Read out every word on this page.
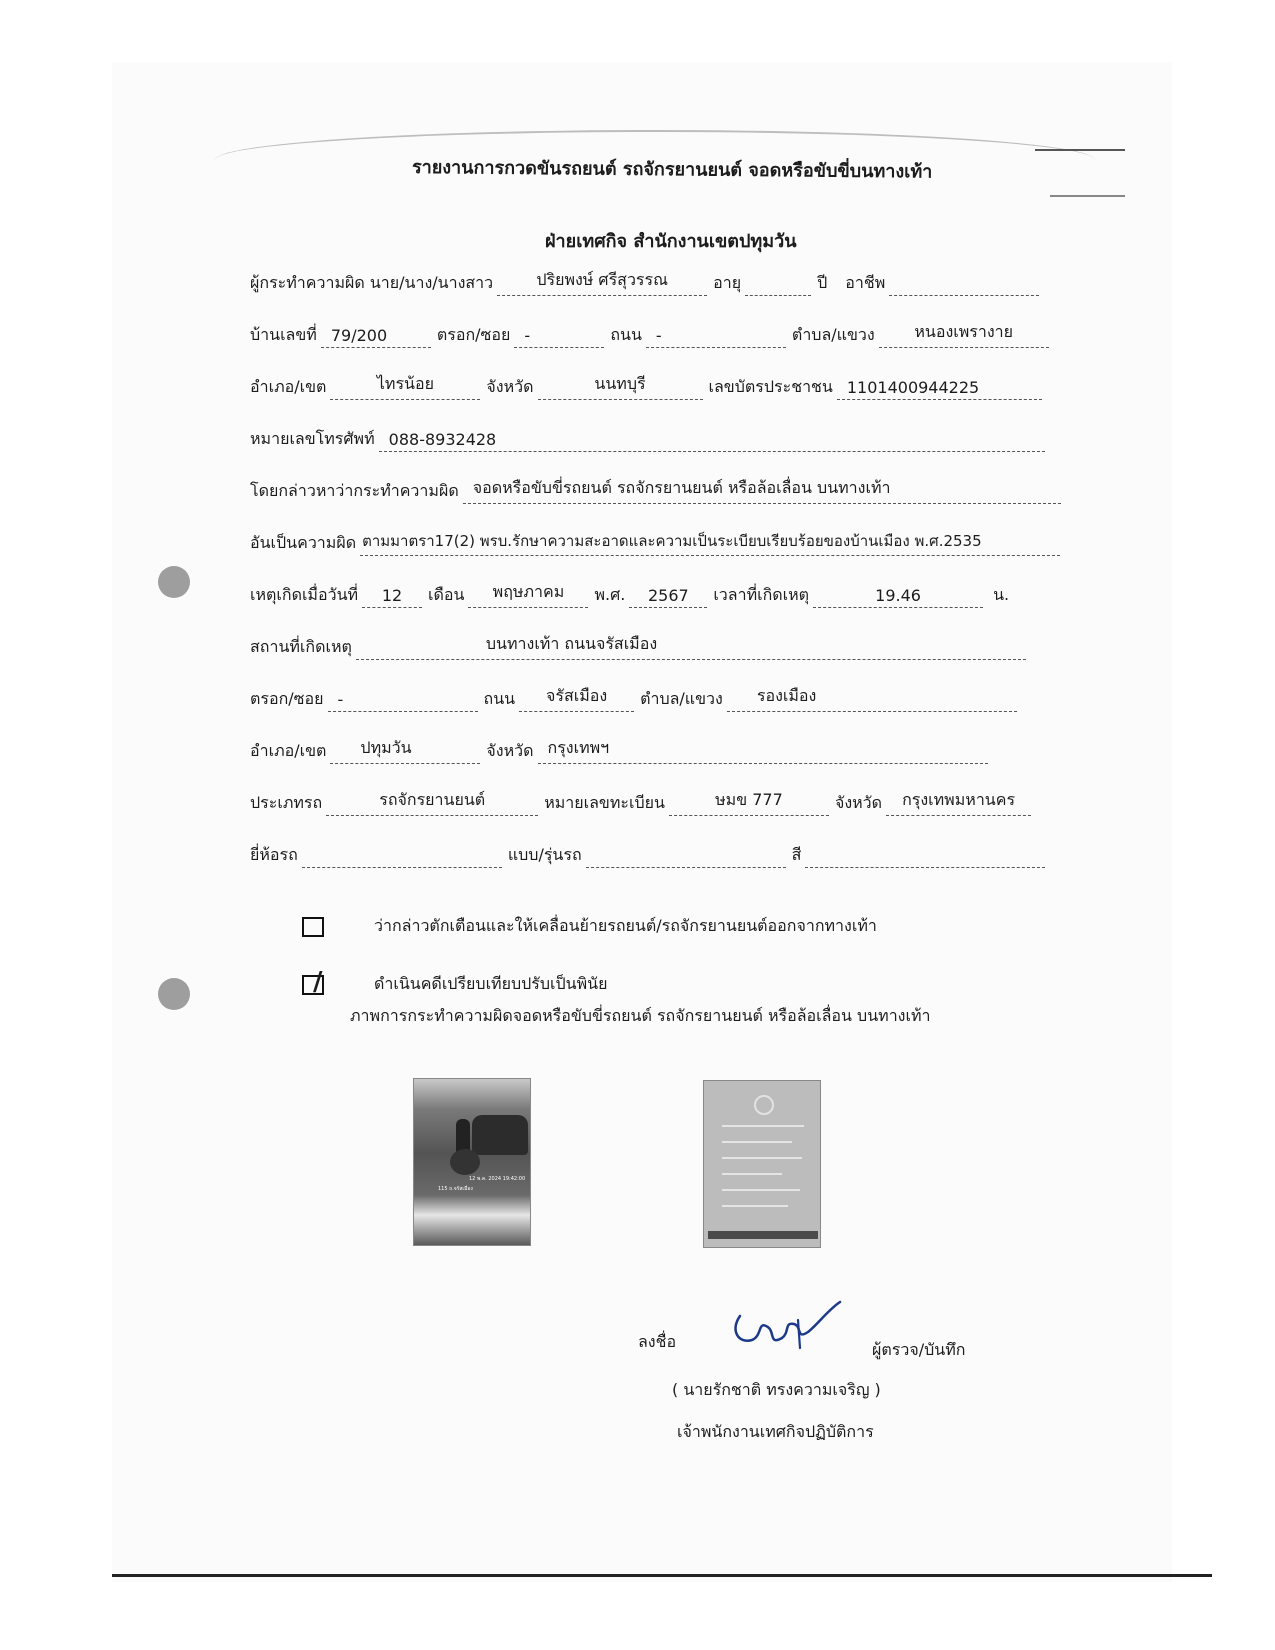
รายงานการกวดขันรถยนต์ รถจักรยานยนต์ จอดหรือขับขี่บนทางเท้า
ฝ่ายเทศกิจ สำนักงานเขตปทุมวัน
ผู้กระทำความผิด นาย/นาง/นางสาว	ปริยพงษ์ ศรีสุวรรณ	อายุ	ปี	อาชีพ
บ้านเลขที่ 79/200	ตรอก/ซอย -	ถนน -	ตำบล/แขวง	หนองเพรางาย
อำเภอ/เขต	ไทรน้อย	จังหวัด	นนทบุรี	เลขบัตรประชาชน 1101400944225
หมายเลขโทรศัพท์ 088-8932428
โดยกล่าวหาว่ากระทำความผิด จอดหรือขับขี่รถยนต์ รถจักรยานยนต์ หรือล้อเลื่อน บนทางเท้า
อันเป็นความผิด ตามมาตรา17(2) พรบ.รักษาความสะอาดและความเป็นระเบียบเรียบร้อยของบ้านเมือง พ.ศ.2535
เหตุเกิดเมื่อวันที่	12	เดือน	พฤษภาคม	พ.ศ.	2567	เวลาที่เกิดเหตุ	19.46	น.
สถานที่เกิดเหตุ	บนทางเท้า ถนนจรัสเมือง
ตรอก/ซอย -	ถนน	จรัสเมือง	ตำบล/แขวง	รองเมือง
อำเภอ/เขต	ปทุมวัน	จังหวัด กรุงเทพฯ
ประเภทรถ	รถจักรยานยนต์	หมายเลขทะเบียน	ษมข 777	จังหวัด	กรุงเทพมหานคร
ยี่ห้อรถ	แบบ/รุ่นรถ	สี
ว่ากล่าวตักเตือนและให้เคลื่อนย้ายรถยนต์/รถจักรยานยนต์ออกจากทางเท้า
/	ดำเนินคดีเปรียบเทียบปรับเป็นพินัย
ภาพการกระทำความผิดจอดหรือขับขี่รถยนต์ รถจักรยานยนต์ หรือล้อเลื่อน บนทางเท้า
12 พ.ค. 2024 19:42:00
115 ถ.จรัสเมือง
ลงชื่อ	ผู้ตรวจ/บันทึก
( นายรักชาติ ทรงความเจริญ )
เจ้าพนักงานเทศกิจปฏิบัติการ
